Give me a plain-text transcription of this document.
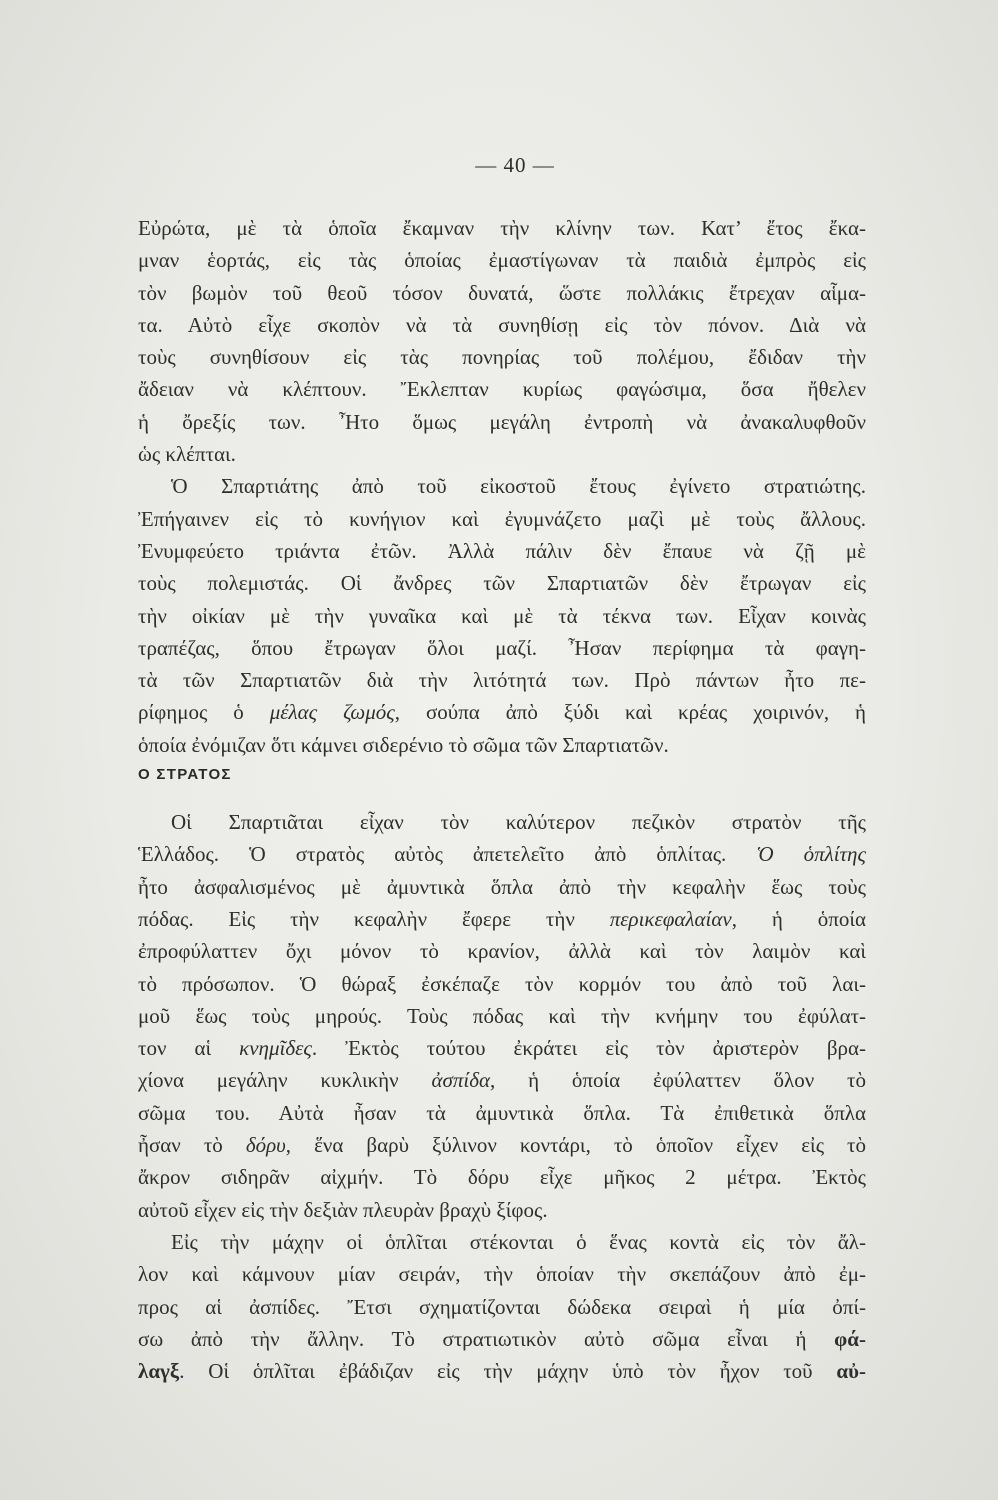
— 40 —
Εὐρώτα, μὲ τὰ ὁποῖα ἔκαμναν τὴν κλίνην των. Κατ’ ἔτος ἔκα-
μναν ἑορτάς, εἰς τὰς ὁποίας ἐμαστίγωναν τὰ παιδιὰ ἐμπρὸς εἰς
τὸν βωμὸν τοῦ θεοῦ τόσον δυνατά, ὥστε πολλάκις ἔτρεχαν αἷμα-
τα. Αὐτὸ εἶχε σκοπὸν νὰ τὰ συνηθίσῃ εἰς τὸν πόνον. Διὰ νὰ
τοὺς συνηθίσουν εἰς τὰς πονηρίας τοῦ πολέμου, ἔδιδαν τὴν
ἄδειαν νὰ κλέπτουν. Ἔκλεπταν κυρίως φαγώσιμα, ὅσα ἤθελεν
ἡ ὄρεξίς των. Ἦτο ὅμως μεγάλη ἐντροπὴ νὰ ἀνακαλυφθοῦν
ὡς κλέπται.
Ὁ Σπαρτιάτης ἀπὸ τοῦ εἰκοστοῦ ἔτους ἐγίνετο στρατιώτης.
Ἐπήγαινεν εἰς τὸ κυνήγιον καὶ ἐγυμνάζετο μαζὶ μὲ τοὺς ἄλλους.
Ἐνυμφεύετο τριάντα ἐτῶν. Ἀλλὰ πάλιν δὲν ἔπαυε νὰ ζῇ μὲ
τοὺς πολεμιστάς. Οἱ ἄνδρες τῶν Σπαρτιατῶν δὲν ἔτρωγαν εἰς
τὴν οἰκίαν μὲ τὴν γυναῖκα καὶ μὲ τὰ τέκνα των. Εἶχαν κοινὰς
τραπέζας, ὅπου ἔτρωγαν ὅλοι μαζί. Ἦσαν περίφημα τὰ φαγη-
τὰ τῶν Σπαρτιατῶν διὰ τὴν λιτότητά των. Πρὸ πάντων ἦτο πε-
ρίφημος ὁ μέλας ζωμός, σούπα ἀπὸ ξύδι καὶ κρέας χοιρινόν, ἡ
ὁποία ἐνόμιζαν ὅτι κάμνει σιδερένιο τὸ σῶμα τῶν Σπαρτιατῶν.
Ο ΣΤΡΑΤΟΣ
Οἱ Σπαρτιᾶται εἶχαν τὸν καλύτερον πεζικὸν στρατὸν τῆς
Ἑλλάδος. Ὁ στρατὸς αὐτὸς ἀπετελεῖτο ἀπὸ ὁπλίτας. Ὁ ὁπλίτης
ἦτο ἀσφαλισμένος μὲ ἀμυντικὰ ὅπλα ἀπὸ τὴν κεφαλὴν ἕως τοὺς
πόδας. Εἰς τὴν κεφαλὴν ἔφερε τὴν περικεφαλαίαν, ἡ ὁποία
ἐπροφύλαττεν ὄχι μόνον τὸ κρανίον, ἀλλὰ καὶ τὸν λαιμὸν καὶ
τὸ πρόσωπον. Ὁ θώραξ ἐσκέπαζε τὸν κορμόν του ἀπὸ τοῦ λαι-
μοῦ ἕως τοὺς μηρούς. Τοὺς πόδας καὶ τὴν κνήμην του ἐφύλατ-
τον αἱ κνημῖδες. Ἐκτὸς τούτου ἐκράτει εἰς τὸν ἀριστερὸν βρα-
χίονα μεγάλην κυκλικὴν ἀσπίδα, ἡ ὁποία ἐφύλαττεν ὅλον τὸ
σῶμα του. Αὐτὰ ἦσαν τὰ ἀμυντικὰ ὅπλα. Τὰ ἐπιθετικὰ ὅπλα
ἦσαν τὸ δόρυ, ἕνα βαρὺ ξύλινον κοντάρι, τὸ ὁποῖον εἶχεν εἰς τὸ
ἄκρον σιδηρᾶν αἰχμήν. Τὸ δόρυ εἶχε μῆκος 2 μέτρα. Ἐκτὸς
αὐτοῦ εἶχεν εἰς τὴν δεξιὰν πλευρὰν βραχὺ ξίφος.
Εἰς τὴν μάχην οἱ ὁπλῖται στέκονται ὁ ἕνας κοντὰ εἰς τὸν ἄλ-
λον καὶ κάμνουν μίαν σειράν, τὴν ὁποίαν τὴν σκεπάζουν ἀπὸ ἐμ-
προς αἱ ἀσπίδες. Ἔτσι σχηματίζονται δώδεκα σειραὶ ἡ μία ὀπί-
σω ἀπὸ τὴν ἄλλην. Τὸ στρατιωτικὸν αὐτὸ σῶμα εἶναι ἡ φά-
λαγξ. Οἱ ὁπλῖται ἐβάδιζαν εἰς τὴν μάχην ὑπὸ τὸν ἦχον τοῦ αὐ-
